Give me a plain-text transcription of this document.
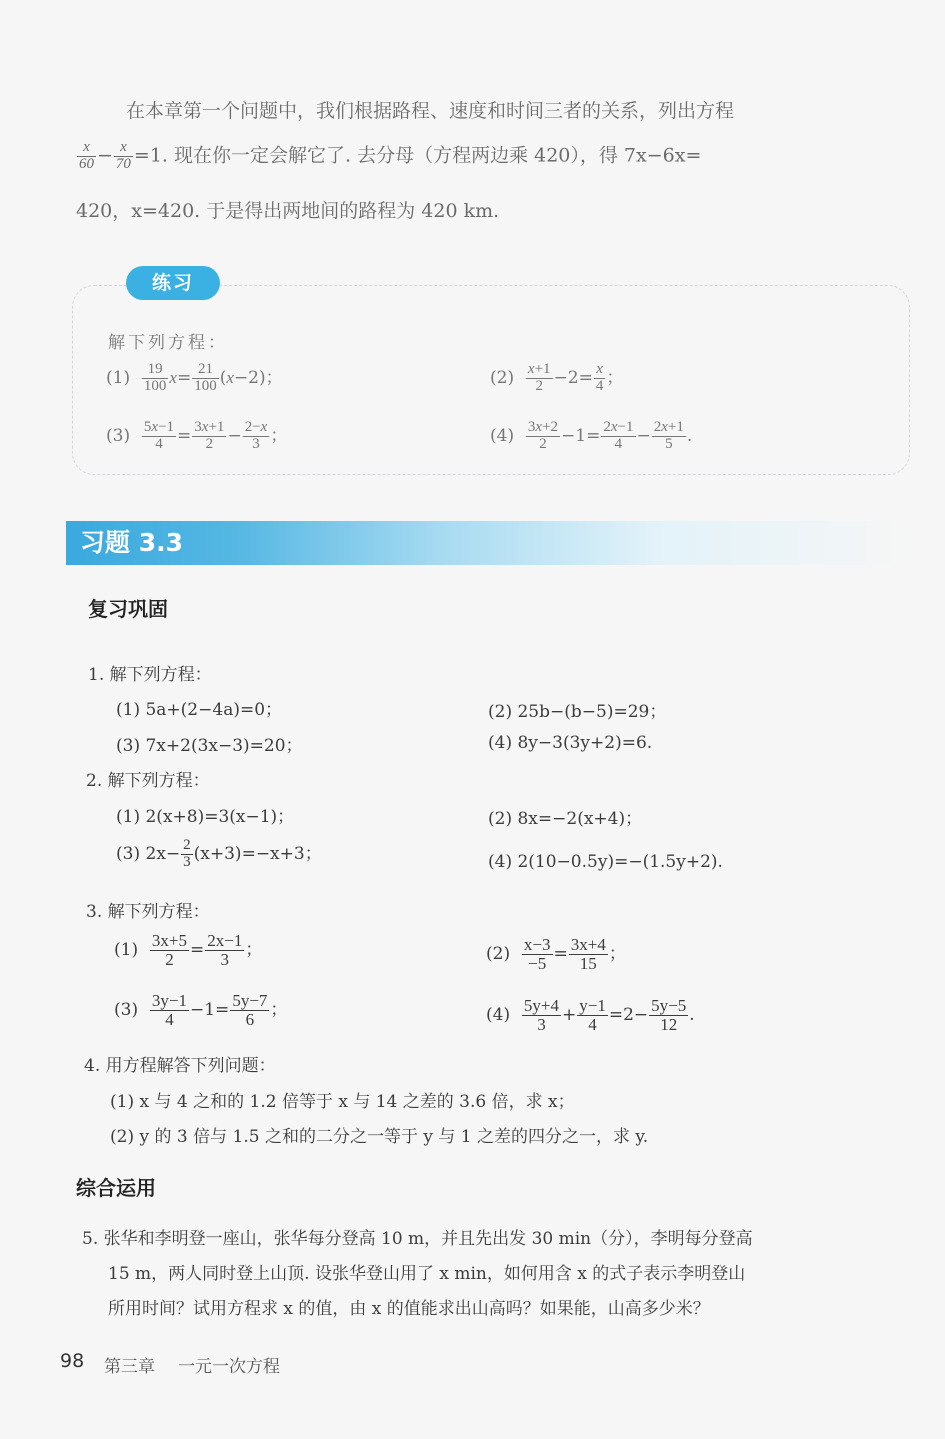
在本章第一个问题中，我们根据路程、速度和时间三者的关系，列出方程
$\frac{x}{60} - \frac{x}{70} =1$. 现在你一定会解它了. 去分母（方程两边乘 420），得 7x−6x=
420，x=420. 于是得出两地间的路程为 420 km.
练习
解下列方程：
$(1) \frac{19}{100} x= \frac{21}{100} (x-2)$；	$(2) \frac{x+1}{2} -2= \frac{x}{4}$ ；
$(3) \frac{5x-1}{4} = \frac{3x+1}{2} - \frac{2-x}{3}$ ；	$(4) \frac{3x+2}{2} -1= \frac{2x-1}{4} - \frac{2x+1}{5}$ .
习题 3.3
复习巩固
1. 解下列方程：
(1) 5a+(2−4a)=0；	(2) 25b−(b−5)=29；
(3) 7x+2(3x−3)=20；	(4) 8y−3(3y+2)=6.
2. 解下列方程：
(1) 2(x+8)=3(x−1)；	(2) 8x=−2(x+4)；
(3) $2x- \frac{2}{3} (x+3)=-x+3$；	(4) 2(10−0.5y)=−(1.5y+2).
3. 解下列方程：
$(1) \frac{3x+5}{2} = \frac{2x-1}{3}$ ；	$(2) \frac{x-3}{-5} = \frac{3x+4}{15}$ ；
$(3) \frac{3y-1}{4} -1= \frac{5y-7}{6}$ ；	$(4) \frac{5y+4}{3} + \frac{y-1}{4} =2- \frac{5y-5}{12}$ .
4. 用方程解答下列问题：
(1) x 与 4 之和的 1.2 倍等于 x 与 14 之差的 3.6 倍，求 x；
(2) y 的 3 倍与 1.5 之和的二分之一等于 y 与 1 之差的四分之一，求 y.
综合运用
5. 张华和李明登一座山，张华每分登高 10 m，并且先出发 30 min（分），李明每分登高
15 m，两人同时登上山顶. 设张华登山用了 x min，如何用含 x 的式子表示李明登山
所用时间？试用方程求 x 的值，由 x 的值能求出山高吗？如果能，山高多少米？
98 第三章 一元一次方程
